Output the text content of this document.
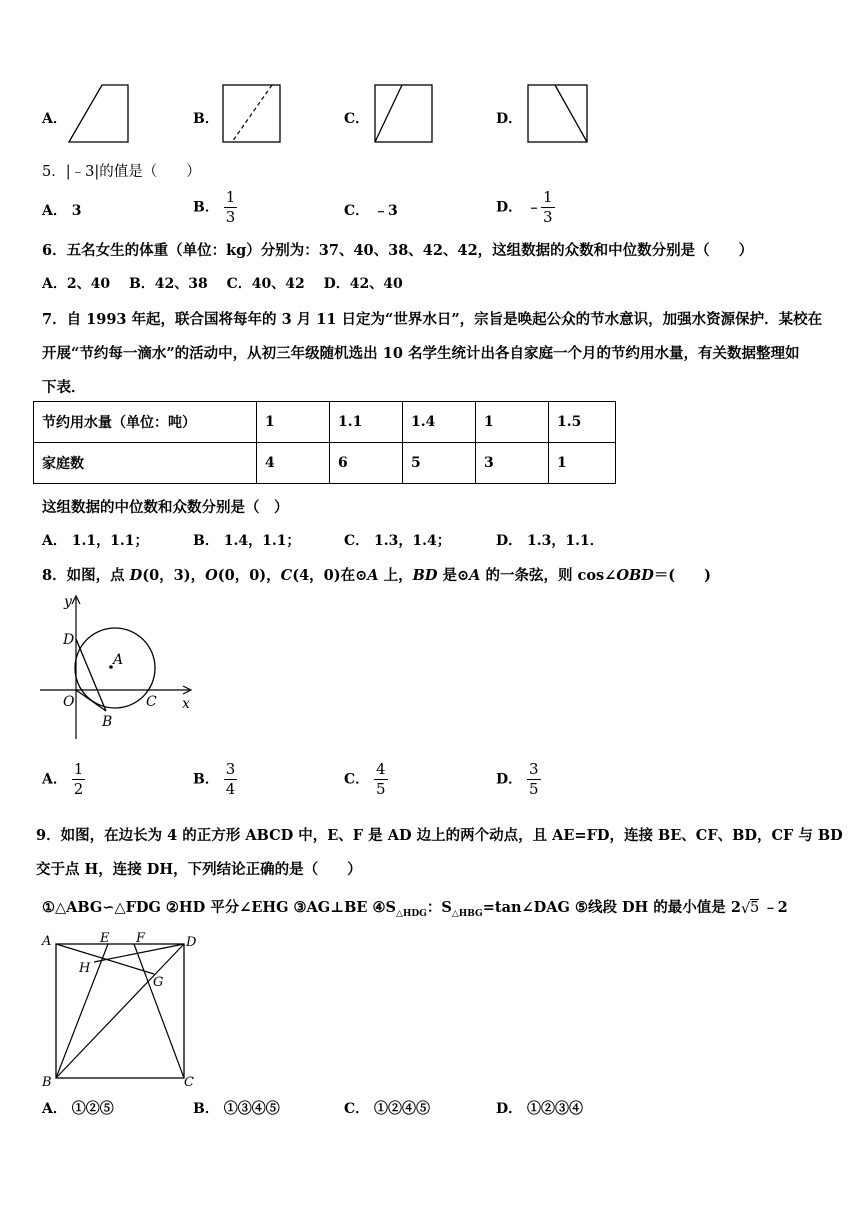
A．	B．	C．	D．
5．|﹣3|的值是（　　）
A． 3	B． $\frac{1}{3}$	C． ﹣3	D． ﹣ $\frac{1}{3}$
6．五名女生的体重（单位：kg）分别为：37、40、38、42、42，这组数据的众数和中位数分别是（　　）
A．2、40　 B．42、38　 C．40、42　 D．42、40
7．自 1993 年起，联合国将每年的 3 月 11 日定为“世界水日”，宗旨是唤起公众的节水意识，加强水资源保护．某校在
开展“节约每一滴水”的活动中，从初三年级随机选出 10 名学生统计出各自家庭一个月的节约用水量，有关数据整理如
下表．
节约用水量（单位：吨）	1	1.1	1.4	1	1.5
家庭数	4	6	5	3	1
这组数据的中位数和众数分别是（　）
A． 1.1，1.1；	B． 1.4，1.1；	C． 1.3，1.4；	D． 1.3，1.1．
8．如图，点 D(0，3)，O(0，0)，C(4，0)在⊙A 上，BD 是⊙A 的一条弦，则 cos∠OBD＝(　　)
y
D
A
O	C x
B
A． $\frac{1}{2}$	B． $\frac{3}{4}$	C． $\frac{4}{5}$	D． $\frac{3}{5}$
9．如图，在边长为 4 的正方形 ABCD 中，E、F 是 AD 边上的两个动点，且 AE=FD，连接 BE、CF、BD，CF 与 BD
交于点 H，连接 DH，下列结论正确的是（　　）
①△ABG∽△FDG ②HD 平分∠EHG ③AG⊥BE $④S_{\triangle HDG}$：$S_{\triangle HBG}=\tan\angle DAG$ ⑤线段 DH 的最小值是 2 √ 5 ﹣2
A	E F	D
H
G
B	C
A． ①②⑤	B． ①③④⑤	C． ①②④⑤	D． ①②③④
